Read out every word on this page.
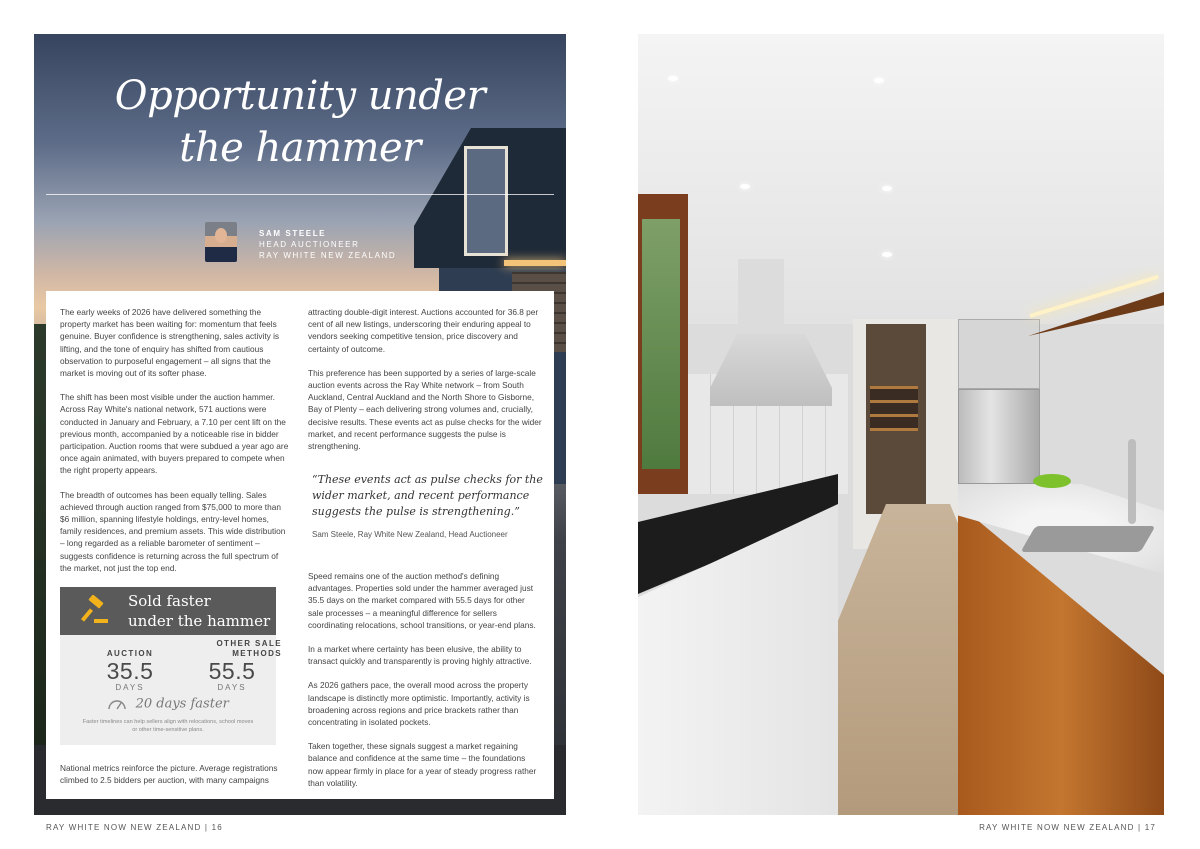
Opportunity under
the hammer
SAM STEELE
HEAD AUCTIONEER
RAY WHITE NEW ZEALAND

The early weeks of 2026 have delivered something the property market has been waiting for: momentum that feels genuine. Buyer confidence is strengthening, sales activity is lifting, and the tone of enquiry has shifted from cautious observation to purposeful engagement – all signs that the market is moving out of its softer phase.

The shift has been most visible under the auction hammer. Across Ray White's national network, 571 auctions were conducted in January and February, a 7.10 per cent lift on the previous month, accompanied by a noticeable rise in bidder participation. Auction rooms that were subdued a year ago are once again animated, with buyers prepared to compete when the right property appears.

The breadth of outcomes has been equally telling. Sales achieved through auction ranged from $75,000 to more than $6 million, spanning lifestyle holdings, entry-level homes, family residences, and premium assets. This wide distribution – long regarded as a reliable barometer of sentiment – suggests confidence is returning across the full spectrum of the market, not just the top end.

Sold faster
under the hammer
AUCTION
35.5
DAYS
OTHER SALE
METHODS
55.5
DAYS
20 days faster
Faster timelines can help sellers align with relocations, school moves
or other time-sensitive plans.

National metrics reinforce the picture. Average registrations climbed to 2.5 bidders per auction, with many campaigns

attracting double-digit interest. Auctions accounted for 36.8 per cent of all new listings, underscoring their enduring appeal to vendors seeking competitive tension, price discovery and certainty of outcome.

This preference has been supported by a series of large-scale auction events across the Ray White network – from South Auckland, Central Auckland and the North Shore to Gisborne, Bay of Plenty – each delivering strong volumes and, crucially, decisive results. These events act as pulse checks for the wider market, and recent performance suggests the pulse is strengthening.

“These events act as pulse checks for the wider market, and recent performance suggests the pulse is strengthening.”
Sam Steele, Ray White New Zealand, Head Auctioneer

Speed remains one of the auction method's defining advantages. Properties sold under the hammer averaged just 35.5 days on the market compared with 55.5 days for other sale processes – a meaningful difference for sellers coordinating relocations, school transitions, or year-end plans.

In a market where certainty has been elusive, the ability to transact quickly and transparently is proving highly attractive.

As 2026 gathers pace, the overall mood across the property landscape is distinctly more optimistic. Importantly, activity is broadening across regions and price brackets rather than concentrating in isolated pockets.

Taken together, these signals suggest a market regaining balance and confidence at the same time – the foundations now appear firmly in place for a year of steady progress rather than volatility.

RAY WHITE NOW NEW ZEALAND | 16	RAY WHITE NOW NEW ZEALAND | 17
